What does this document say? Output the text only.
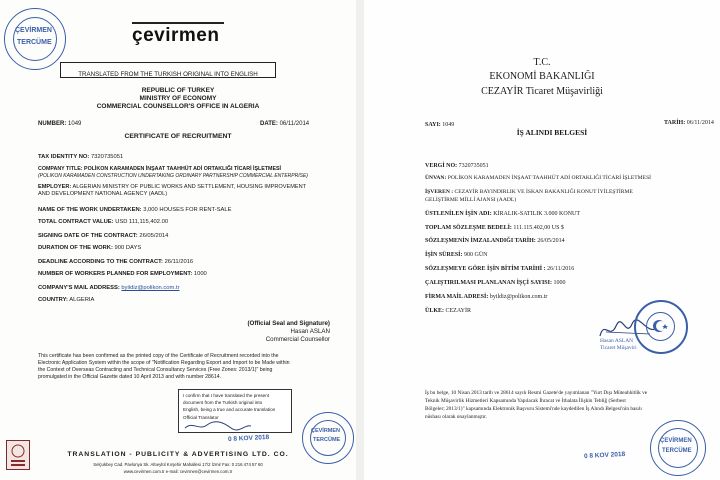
ÇEVİRMEN
TERCÜME	çevirmen
TRANSLATED FROM THE TURKISH ORIGINAL INTO ENGLISH
REPUBLIC OF TURKEY
MINISTRY OF ECONOMY
COMMERCIAL COUNSELLOR'S OFFICE IN ALGERIA
NUMBER: 1049	DATE: 06/11/2014
CERTIFICATE OF RECRUITMENT
TAX IDENTITY NO: 7320735051
COMPANY TITLE: POLİKON KARAMADEN İNŞAAT TAAHHÜT ADİ ORTAKLIĞI TİCARİ İŞLETMESİ
(POLIKON KARAMADEN CONSTRUCTION UNDERTAKING ORDINARY PARTNERSHIP COMMERCIAL ENTERPRISE)
EMPLOYER: ALGERIAN MINISTRY OF PUBLIC WORKS AND SETTLEMENT, HOUSING IMPROVEMENT
AND DEVELOPMENT NATIONAL AGENCY (AADL)
NAME OF THE WORK UNDERTAKEN: 3,000 HOUSES FOR RENT-SALE
TOTAL CONTRACT VALUE: USD 111,115,402.00
SIGNING DATE OF THE CONTRACT: 26/05/2014
DURATION OF THE WORK: 900 DAYS
DEADLINE ACCORDING TO THE CONTRACT: 26/11/2016
NUMBER OF WORKERS PLANNED FOR EMPLOYMENT: 1000
COMPANY'S MAIL ADDRESS: byildiz@polikon.com.tr
COUNTRY: ALGERIA
(Official Seal and Signature)
Hasan ASLAN
Commercial Counsellor
This certificate has been confirmed as the printed copy of the Certificate of Recruitment recorded into the
Electronic Application System within the scope of "Notification Regarding Export and Import to be Made within
the Context of Overseas Contracting and Technical Consultancy Services (Free Zones: 2013/1)" being
promulgated in the Official Gazette dated 10 April 2013 and with number 28614.
I confirm that I have translated the present
document from the Turkish original into
English, being a true and accurate translation
Official Translator
ÇEVİRMEN
TERCÜME
0 8 KOV 2018
TRANSLATION - PUBLICITY & ADVERTISING LTD. CO.
Selçukbey Cad. Pavlonya Sk. Altıeylül Kırşehir Mahallesi 17/2 İzmir Fax: 0 216 474 57 60
www.cevirmen.com.tr e-mail: cevirmen@cevirmen.com.tr
T.C.
EKONOMİ BAKANLIĞI
CEZAYİR Ticaret Müşavirliği
SAYI: 1049	TARİH: 06/11/2014
İŞ ALINDI BELGESİ
VERGİ NO: 7320735051
ÜNVAN: POLİKON KARAMADEN İNŞAAT TAAHHÜT ADİ ORTAKLIĞI TİCARİ İŞLETMESİ
İŞVEREN : CEZAYİR BAYINDIRLIK VE İSKAN BAKANLIĞI KONUT İYİLEŞTİRME
GELİŞTİRME MİLLİ AJANSI (AADL)
ÜSTLENİLEN İŞİN ADI: KİRALIK-SATILIK 3.000 KONUT
TOPLAM SÖZLEŞME BEDELİ: 111.115.402,00 US $
SÖZLEŞMENİN İMZALANDIĞI TARİH: 26/05/2014
İŞİN SÜRESİ: 900 GÜN
SÖZLEŞMEYE GÖRE İŞİN BİTİM TARİHİ : 26/11/2016
ÇALIŞTIRILMASI PLANLANAN İŞÇİ SAYISI: 1000
FİRMA MAİL ADRESİ: byildiz@polikon.com.tr
ÜLKE: CEZAYİR
Hasan ASLAN
Ticaret Müşaviri
İş bu belge, 10 Nisan 2013 tarih ve 28614 sayılı Resmi Gazete'de yayımlanan "Yurt Dışı Müteahhitlik ve
Teknik Müşavirlik Hizmetleri Kapsamında Yapılacak İhracat ve İthalata İlişkin Tebliğ (Serbest
Bölgeler; 2013/1)" kapsamında Elektronik Başvuru Sistemi'nde kaydedilen İş Alındı Belgesi'nin basılı
nüshası olarak onaylanmıştır.
ÇEVİRMEN
TERCÜME
0 8 KOV 2018
